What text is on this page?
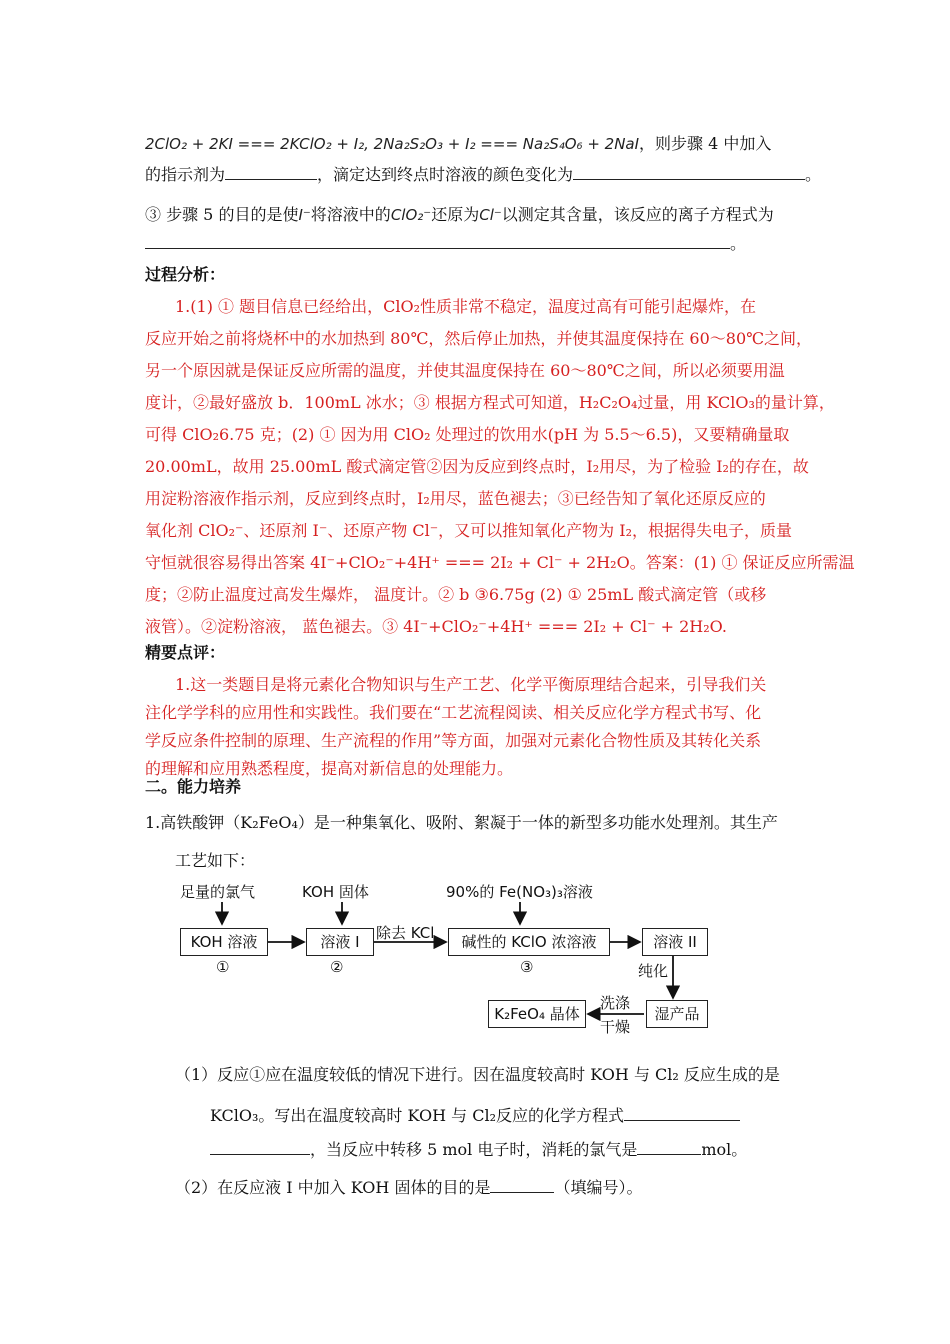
2ClO₂ + 2KI === 2KClO₂ + I₂, 2Na₂S₂O₃ + I₂ === Na₂S₄O₆ + 2NaI，则步骤 4 中加入
的指示剂为	，滴定达到终点时溶液的颜色变化为	。
③ 步骤 5 的目的是使I⁻将溶液中的ClO₂⁻还原为Cl⁻以测定其含量，该反应的离子方程式为
。
过程分析：
1.(1) ① 题目信息已经给出，ClO₂性质非常不稳定，温度过高有可能引起爆炸，在
反应开始之前将烧杯中的水加热到 80℃，然后停止加热，并使其温度保持在 60～80℃之间，
另一个原因就是保证反应所需的温度，并使其温度保持在 60～80℃之间，所以必须要用温
度计，②最好盛放 b．100mL 冰水；③ 根据方程式可知道，H₂C₂O₄过量，用 KClO₃的量计算，
可得 ClO₂6.75 克；(2) ① 因为用 ClO₂ 处理过的饮用水(pH 为 5.5～6.5)，又要精确量取
20.00mL，故用 25.00mL 酸式滴定管②因为反应到终点时，I₂用尽，为了检验 I₂的存在，故
用淀粉溶液作指示剂，反应到终点时，I₂用尽，蓝色褪去；③已经告知了氧化还原反应的
氧化剂 ClO₂⁻、还原剂 I⁻、还原产物 Cl⁻，又可以推知氧化产物为 I₂，根据得失电子，质量
守恒就很容易得出答案 4I⁻+ClO₂⁻+4H⁺ === 2I₂ + Cl⁻ + 2H₂O。答案：(1) ① 保证反应所需温
度；②防止温度过高发生爆炸， 温度计。② b ③6.75g (2) ① 25mL 酸式滴定管（或移
液管）。②淀粉溶液， 蓝色褪去。③ 4I⁻+ClO₂⁻+4H⁺ === 2I₂ + Cl⁻ + 2H₂O.
精要点评：
1.这一类题目是将元素化合物知识与生产工艺、化学平衡原理结合起来，引导我们关
注化学学科的应用性和实践性。我们要在“工艺流程阅读、相关反应化学方程式书写、化
学反应条件控制的原理、生产流程的作用”等方面，加强对元素化合物性质及其转化关系
的理解和应用熟悉程度，提高对新信息的处理能力。
二。能力培养
1.高铁酸钾（K₂FeO₄）是一种集氧化、吸附、絮凝于一体的新型多功能水处理剂。其生产
工艺如下：
足量的氯气	KOH 固体	90%的 Fe(NO₃)₃溶液
KOH 溶液
①
溶液 I
②
除去 KCl	碱性的 KClO 浓溶液
③
溶液 II
纯化
湿产品
洗涤
干燥
K₂FeO₄ 晶体
（1）反应①应在温度较低的情况下进行。因在温度较高时 KOH 与 Cl₂ 反应生成的是
KClO₃。写出在温度较高时 KOH 与 Cl₂反应的化学方程式
，当反应中转移 5 mol 电子时，消耗的氯气是	mol。
（2）在反应液 I 中加入 KOH 固体的目的是	（填编号）。
